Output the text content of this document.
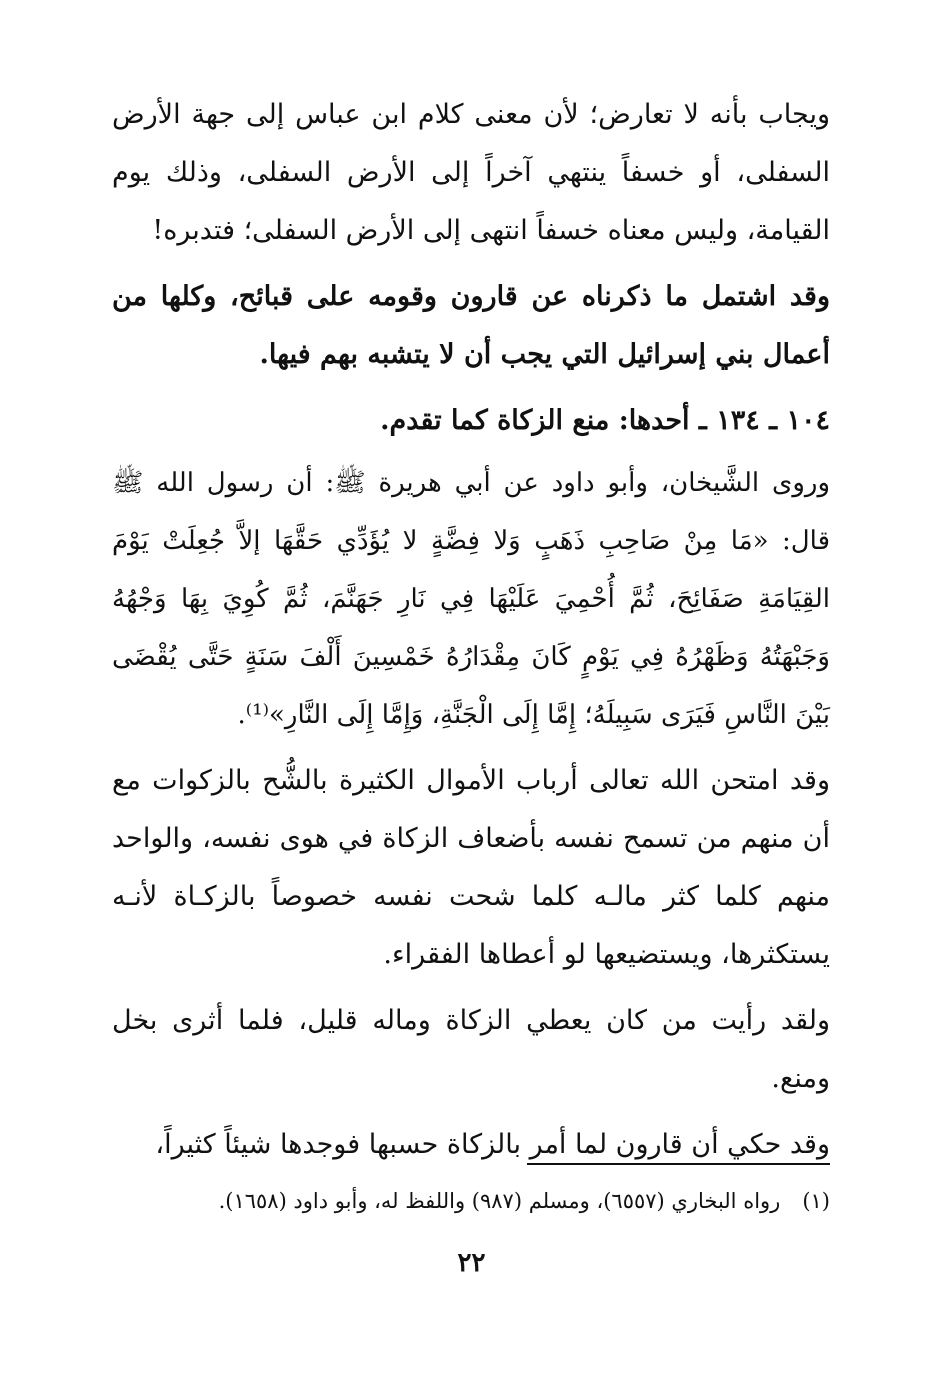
ويجاب بأنه لا تعارض؛ لأن معنى كلام ابن عباس إلى جهة الأرض السفلى، أو خسفاً ينتهي آخراً إلى الأرض السفلى، وذلك يوم القيامة، وليس معناه خسفاً انتهى إلى الأرض السفلى؛ فتدبره!

وقد اشتمل ما ذكرناه عن قارون وقومه على قبائح، وكلها من أعمال بني إسرائيل التي يجب أن لا يتشبه بهم فيها.

١٠٤ ـ ١٣٤ ـ أحدها: منع الزكاة كما تقدم.

وروى الشَّيخان، وأبو داود عن أبي هريرة ﷺ: أن رسول الله ﷺ قال: «مَا مِنْ صَاحِبِ ذَهَبٍ وَلا فِضَّةٍ لا يُؤَدِّي حَقَّهَا إلاَّ جُعِلَتْ يَوْمَ القِيَامَةِ صَفَائِحَ، ثُمَّ أُحْمِيَ عَلَيْهَا فِي نَارِ جَهَنَّمَ، ثُمَّ كُوِيَ بِهَا وَجْهُهُ وَجَبْهَتُهُ وَظَهْرُهُ فِي يَوْمٍ كَانَ مِقْدَارُهُ خَمْسِينَ أَلْفَ سَنَةٍ حَتَّى يُقْضَى بَيْنَ النَّاسِ فَيَرَى سَبِيلَهُ؛ إِمَّا إِلَى الْجَنَّةِ، وَإِمَّا إِلَى النَّارِ»⁽¹⁾.

وقد امتحن الله تعالى أرباب الأموال الكثيرة بالشُّح بالزكوات مع أن منهم من تسمح نفسه بأضعاف الزكاة في هوى نفسه، والواحد منهم كلما كثر مالـه كلما شحت نفسه خصوصاً بالزكـاة لأنـه يستكثرها، ويستضيعها لو أعطاها الفقراء.

ولقد رأيت من كان يعطي الزكاة وماله قليل، فلما أثرى بخل ومنع.

وقد حكي أن قارون لما أمر بالزكاة حسبها فوجدها شيئاً كثيراً،

(١)رواه البخاري (٦٥٥٧)، ومسلم (٩٨٧) واللفظ له، وأبو داود (١٦٥٨).

٢٢
